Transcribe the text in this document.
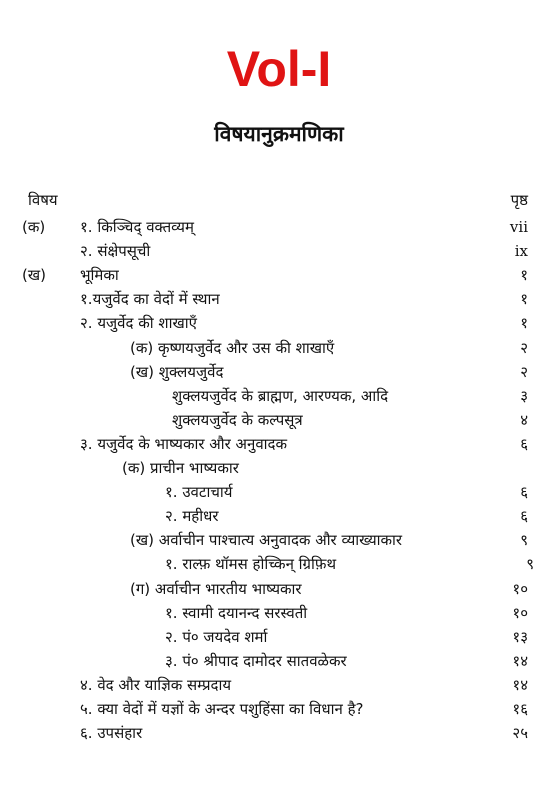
Vol-I
विषयानुक्रमणिका
विषय	पृष्ठ
(क) १. किञ्चिद् वक्तव्यम्	vii
२. संक्षेपसूची	ix
(ख) भूमिका	१
१.यजुर्वेद का वेदों में स्थान	१
२. यजुर्वेद की शाखाएँ	१
(क) कृष्णयजुर्वेद और उस की शाखाएँ	२
(ख) शुक्लयजुर्वेद	२
शुक्लयजुर्वेद के ब्राह्मण, आरण्यक, आदि	३
शुक्लयजुर्वेद के कल्पसूत्र	४
३. यजुर्वेद के भाष्यकार और अनुवादक	६
(क) प्राचीन भाष्यकार
१. उवटाचार्य	६
२. महीधर	६
(ख) अर्वाचीन पाश्चात्य अनुवादक और व्याख्याकार	९
१. राल्फ़ थॉमस होच्किन् ग्रिफ़िथ	९
(ग) अर्वाचीन भारतीय भाष्यकार	१०
१. स्वामी दयानन्द सरस्वती	१०
२. पं० जयदेव शर्मा	१३
३. पं० श्रीपाद दामोदर सातवळेकर	१४
४. वेद और याज्ञिक सम्प्रदाय	१४
५. क्या वेदों में यज्ञों के अन्दर पशुहिंसा का विधान है?	१६
६. उपसंहार	२५
